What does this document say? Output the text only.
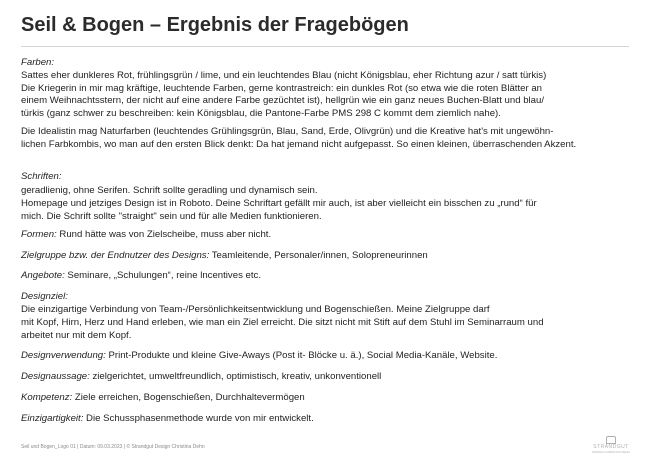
Seil & Bogen – Ergebnis der Fragebögen
Farben:

Sattes eher dunkleres Rot, frühlingsgrün / lime, und ein leuchtendes Blau (nicht Königsblau, eher Richtung azur / satt türkis)
Die Kriegerin in mir mag kräftige, leuchtende Farben, gerne kontrastreich: ein dunkles Rot (so etwa wie die roten Blätter an
einem Weihnachtsstern, der nicht auf eine andere Farbe gezüchtet ist), hellgrün wie ein ganz neues Buchen-Blatt und blau/
türkis (ganz schwer zu beschreiben: kein Königsblau, die Pantone-Farbe PMS 298 C kommt dem ziemlich nahe).

Die Idealistin mag Naturfarben (leuchtendes Grühlingsgrün, Blau, Sand, Erde, Olivgrün) und die Kreative hat's mit ungewöhn-
lichen Farbkombis, wo man auf den ersten Blick denkt: Da hat jemand nicht aufgepasst. So einen kleinen, überraschenden Akzent.

Schriften:

geradlienig, ohne Serifen. Schrift sollte geradling und dynamisch sein.
Homepage und jetziges Design ist in Roboto. Deine Schriftart gefällt mir auch, ist aber vielleicht ein bisschen zu „rund“ für
mich. Die Schrift sollte "straight" sein und für alle Medien funktionieren.

Formen: Rund hätte was von Zielscheibe, muss aber nicht.

Zielgruppe bzw. der Endnutzer des Designs: Teamleitende, Personaler/innen, Solopreneurinnen

Angebote: Seminare, „Schulungen“, reine lncentives etc.

Designziel:

Die einzigartige Verbindung von Team-/Persönlichkeitsentwicklung und Bogenschießen. Meine Zielgruppe darf
mit Kopf, Hirn, Herz und Hand erleben, wie man ein Ziel erreicht. Die sitzt nicht mit Stift auf dem Stuhl im Seminarraum und
arbeitet nur mit dem Kopf.

Designverwendung: Print-Produkte und kleine Give-Aways (Post it- Blöcke u. ä.), Social Media-Kanäle, Website.

Designaussage: zielgerichtet, umweltfreundlich, optimistisch, kreativ, unkonventionell

Kompetenz: Ziele erreichen, Bogenschießen, Durchhaltevermögen

Einzigartigkeit: Die Schussphasenmethode wurde von mir entwickelt.

Seil und Bogen_Logo 01 | Datum: 09.03.2023 | © Strandgut Design Christina Dehn	STRANDGUT
DESIGN CHRISTINA DEHN
